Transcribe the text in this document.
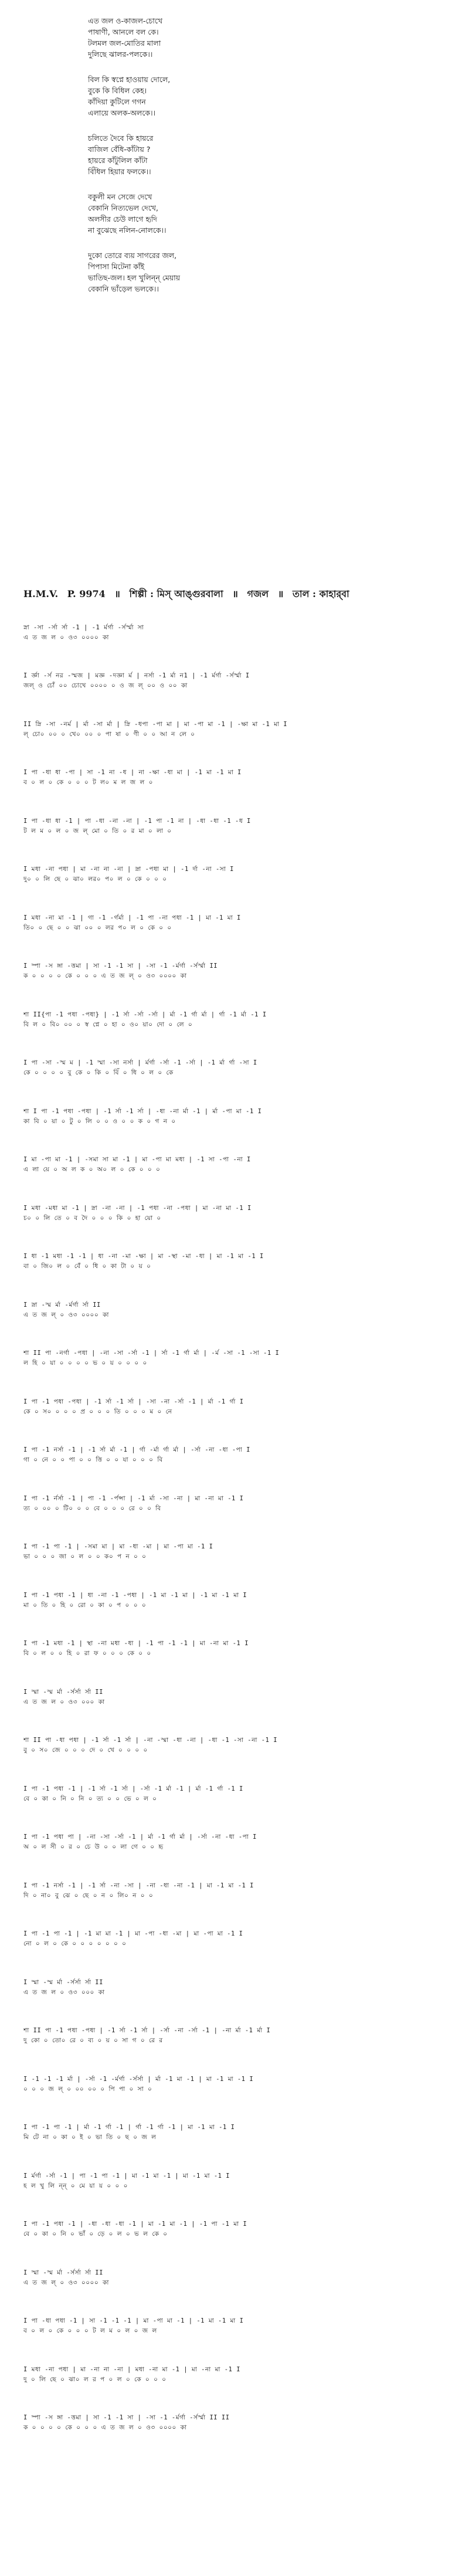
এত জল ও-কাজল-চোখে
পাষাণী, আনলে বল কে।
টলমল জল-মোতির মালা
দুলিছে ঝালর-পলকে।।
বিল কি স্বপ্নে হাওয়ায় দোলে,
বুকে কি বিধিল কেহ।
কাঁদিয়া কুটিলে গগন
এলায়ে অলক-অলকে।।
চলিতে দৈবে কি হায়রে
বাজিল বেঁধি-কাঁটায় ?
হায়রে কাঁটুলিল কাঁটা
বিঁধিল হিয়ার ফলকে।।
বকুলী মন সেজে দেখে
বেকানি নিত্যভেল দেখে,
অলসীর চেউ লাগে হৃদি
না বুঝেছে নলিন-নোলকে।।
দুকো তোরে ব্যয় সাগরের জল,
পিপাসা মিটেনা কাঁই
ভাতিছ-জল। হল খুলিন্ন্ মেয়ায়
বেকানি ভাঁড়েল ভলকে।।
H.M.V. P. 9974 ॥ শিল্পী : মিস্ আঙ্গুরবালা ॥ গজল ॥ তাল : কাহার্‌বা
স্না -সা -র্সা র্সা -1 | -1 র্মর্গা -র্সর্স্মা সা
এ ত জ ল ০ ও৩ ০০০০ কা
I র্জ্ঞা -র্স নর -স্মজ | মজ্ঞ -দজ্ঞা র্ম | নর্সা -1 র্মা ন1 | -1 র্মর্গা -র্সর্স্মা I
জল্ ও চোঁ ০০ চোখে ০০০০ ০ ও জ ল্ ০০ ও ০০ কা
II স্নি -সা -নর্ম | র্মা -সা র্মা | স্নি -ধপা -পা মা | মা -পা মা -1 | -ক্ষা মা -1 মা I
ল্ চো০ ০০ ০ খে০ ০০ ০ পা ষা ০ ণী ০ ০ আ ন লে ০
I পা -ধা ধা -পা | সা -1 না -ধ | না -ক্ষা -ধা মা | -1 মা -1 মা I
ব ০ ল ০ কে ০ ০ ০ ট ল০ ম ল জ ল ০
I পা -ধা ধা -1 | পা -ধা -না -না | -1 পা -1 না | -ধা -ধা -1 -ধ I
ট ল ম ০ ল ০ জ ল্ মো ০ তি ০ র মা ০ লা ০
I মধা -না পধা | মা -না না -না | স্না -পধা মা | -1 র্দা -না -সা I
দু০ ০ লি ছে ০ ঝা০ লর০ প০ ল ০ কে ০ ০ ০
I মধা -না মা -1 | গা -1 -র্গর্মা | -1 পা -না পধা -1 | মা -1 মা I
তি০ ০ ছে ০ ০ ঝা ০০ ০ লর প০ ল ০ কে ০ ০
I স্পা -স ঙ্গা -ত্তমা | সা -1 -1 সা | -সা -1 -র্মর্গা -র্সর্স্মা II
ক ০ ০ ০ ০ কে ০ ০ ০ এ ত জ ল্ ০ ও৩ ০০০০ কা
শা II{পা -1 পধা -পধা} | -1 র্সা -র্সা -র্সা | র্মা -1 র্গা র্মা | র্গা -1 র্মা -1 I
বি ল ০ বি০ ০০ ০ স্ব প্নে ০ হা ০ ও০ য়া০ দো ০ লে ০
I পা -সা -স্ম ম | -1 স্মা -সা নর্সা | র্মর্গা -র্সা -1 -র্সা | -1 র্মা র্গা -সা I
কে ০ ০ ০ ০ বু কে ০ কি ০ বিঁ ০ ধি ০ ল ০ কে
শা I পা -1 পধা -পধা | -1 র্সা -1 র্সা | -ধা -না র্মা -1 | র্মা -পা মা -1 I
কা বি ০ য়া ০ টু ০ লি ০ ০ ও ০ ০ ক ০ গ ন ০
I মা -পা মা -1 | -সমা সা মা -1 | মা -পা মা মধা | -1 সা -পা -না I
এ লা য়ে ০ অ ল ক ০ অ০ ল ০ কে ০ ০ ০
I মধা -মধা মা -1 | স্না -না -না | -1 পধা -না -পধা | মা -না মা -1 I
চ০ ০ লি তে ০ ব দৈ ০ ০ ০ কি ০ হা য়ো ০
I ধা -1 মধা -1 -1 | ধা -না -মা -ক্ষা | মা -স্থা -মা -ধা | মা -1 মা -1 I
বা ০ জি০ ল ০ বেঁ ০ ধি ০ কা টা ০ য় ০
I স্না -স্ম র্মা -র্মর্গা র্সা II
এ ত জ ল্ ০ ও৩ ০০০০ কা
শা II পা -নর্গা -পধা | -না -সা -র্সা -1 | র্সা -1 র্গা র্মা | -র্ম -সা -1 -সা -1 I
ল হি ০ য়া ০ ০ ০ ০ ভ ০ য় ০ ০ ০ ০
I পা -1 পধা -পধা | -1 র্সা -1 র্সা | -সা -না -র্সা -1 | র্মা -1 র্গা I
কে ০ স০ ০ ০ ০ প্র ০ ০ ০ তি ০ ০ ০ ম ০ নে
I পা -1 নর্সা -1 | -1 র্সা র্মা -1 | র্গা -র্মা র্গা র্মা | -র্সা -না -ধা -পা I
গা ০ নে ০ ০ পা ০ ০ ত্তি ০ ০ যা ০ ০ ০ বি
I পা -1 র্নর্সা -1 | পা -1 -র্পন্সা | -1 র্মা -সা -না | মা -না মা -1 I
ত্য ০ ০০ ০ টি০ ০ ০ বে ০ ০ ০ রে ০ ০ বি
I পা -1 পা -1 | -সমা মা | মা -ধা -মা | মা -পা মা -1 I
ভা ০ ০ ০ জা ০ ল ০ ০ ক০ প ন ০ ০
I পা -1 পধা -1 | ধা -না -1 -পধা | -1 মা -1 মা | -1 মা -1 মা I
মা ০ তি ০ হি ০ রো ০ কা ০ প ০ ০ ০
I পা -1 মধা -1 | স্থা -না মধা -ধা | -1 পা -1 -1 | মা -না মা -1 I
বি ০ ল ০ ০ হি ০ রা ফ ০ ০ ০ কে ০ ০
I স্মা -স্ম র্মা -র্সর্সা র্সা II
এ ত জ ল ০ ও৩ ০০০ কা
শা II পা -ধা পধা | -1 র্সা -1 র্সা | -না -স্মা -ধা -না | -ধা -1 -সা -না -1 I
বু ০ স০ জে ০ ০ ০ দে ০ খে ০ ০ ০ ০
I পা -1 পধা -1 | -1 র্সা -1 র্সা | -র্সা -1 র্মা -1 | র্মা -1 র্গা -1 I
বে ০ কা ০ নি ০ নি ০ ত্য ০ ০ ভে ০ ল ০
I পা -1 পধা পা | -না -সা -র্সা -1 | র্মা -1 র্গা র্মা | -র্সা -না -ধা -পা I
অ ০ ল সী ০ র ০ চে উ ০ ০ লা গে ০ ০ হৃ
I পা -1 নর্সা -1 | -1 র্সা -না -সা | -না -ধা -না -1 | মা -1 মা -1 I
দি ০ না০ বু ঝে ০ ছে ০ ন ০ লি০ ন ০ ০
I পা -1 পা -1 | -1 মা মা -1 | মা -পা -ধা -মা | মা -পা মা -1 I
নো ০ ল ০ কে ০ ০ ০ ০ ০ ০ ০
I স্মা -স্ম র্মা -র্সর্সা র্সা II
এ ত জ ল ০ ও৩ ০০০ কা
শা II পা -1 পধা -পধা | -1 র্সা -1 র্সা | -র্সা -না -র্সা -1 | -না র্মা -1 র্মা I
দু কো ০ তো০ রে ০ ব্য ০ য় ০ সা গ ০ রে র
I -1 -1 -1 র্মা | -র্সা -1 -র্মর্গা -র্সর্সা | র্মা -1 মা -1 | মা -1 মা -1 I
০ ০ ০ জ ল্ ০ ০০ ০০ ০ পি পা ০ সা ০
I পা -1 পা -1 | র্মা -1 র্গা -1 | র্গা -1 র্গা -1 | মা -1 মা -1 I
মি টে না ০ কা ০ ই ০ ভা তি ০ ছ ০ জ ল
I র্মর্গা -র্সা -1 | পা -1 পা -1 | মা -1 মা -1 | মা -1 মা -1 I
হ ল খু লি ন্ন্ ০ মে য়া য় ০ ০ ০
I পা -1 পধা -1 | -ধা -ধা -ধা -1 | মা -1 মা -1 | -1 পা -1 মা I
বে ০ কা ০ নি ০ ভাঁ ০ ড়ে ০ ল ০ ভ ল কে ০
I স্মা -স্ম র্মা -র্সর্সা র্সা II
এ ত জ ল্ ০ ও৩ ০০০০ কা
I পা -ধা পধা -1 | সা -1 -1 -1 | মা -পা মা -1 | -1 মা -1 মা I
ব ০ ল ০ কে ০ ০ ০ ট ল ম ০ ল ০ জ ল
I মধা -না পধা | মা -না না -না | মধা -না মা -1 | মা -না মা -1 I
দু ০ লি ছে ০ ঝা০ ল র প ০ ল ০ কে ০ ০ ০
I স্পা -স ঙ্গা -ত্তমা | সা -1 -1 সা | -সা -1 -র্মর্গা -র্সর্স্মা II II
ক ০ ০ ০ ০ কে ০ ০ ০ এ ত জ ল ০ ও৩ ০০০০ কা
